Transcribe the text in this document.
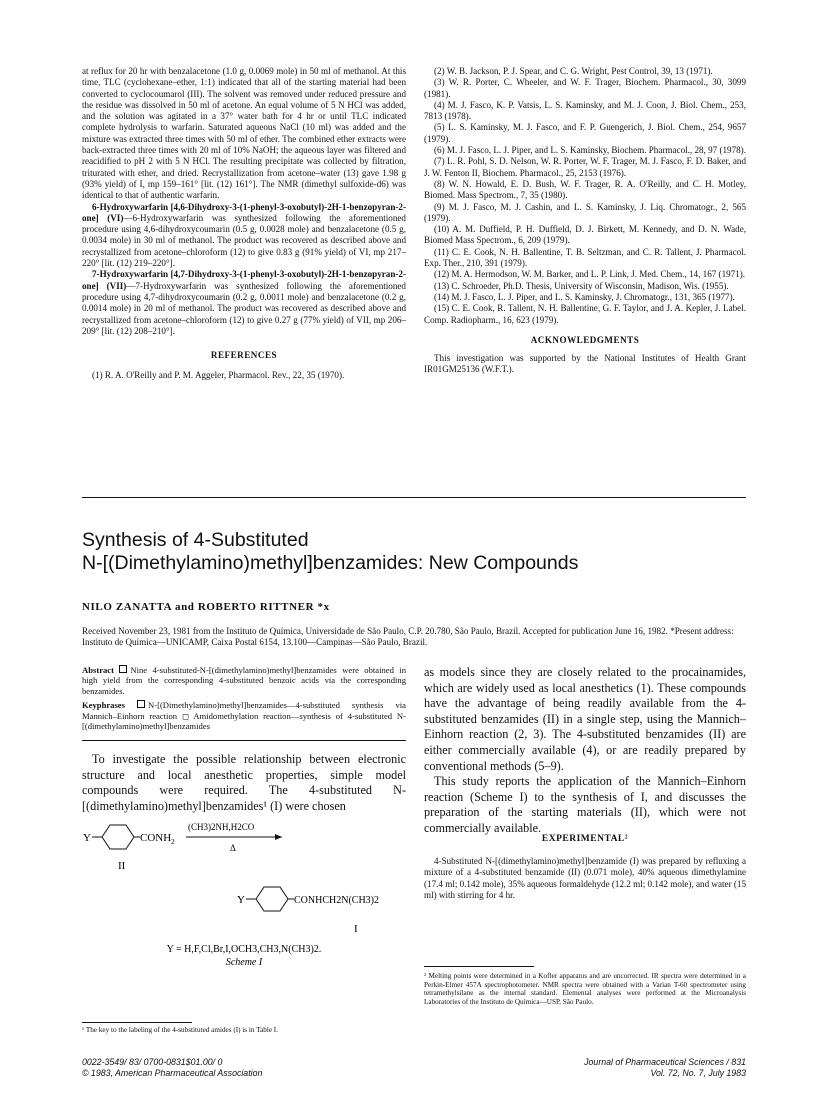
at reflux for 20 hr with benzalacetone (1.0 g, 0.0069 mole) in 50 ml of methanol. At this time, TLC (cyclohexane–ether, 1:1) indicated that all of the starting material had been converted to cyclocoumarol (III). The solvent was removed under reduced pressure and the residue was dissolved in 50 ml of acetone. An equal volume of 5 N HCl was added, and the solution was agitated in a 37° water bath for 4 hr or until TLC indicated complete hydrolysis to warfarin. Saturated aqueous NaCl (10 ml) was added and the mixture was extracted three times with 50 ml of ether. The combined ether extracts were back-extracted three times with 20 ml of 10% NaOH; the aqueous layer was filtered and reacidified to pH 2 with 5 N HCl. The resulting precipitate was collected by filtration, triturated with ether, and dried. Recrystallization from acetone–water (13) gave 1.98 g (93% yield) of I, mp 159–161° [lit. (12) 161°]. The NMR (dimethyl sulfoxide-d6) was identical to that of authentic warfarin.

6-Hydroxywarfarin [4,6-Dihydroxy-3-(1-phenyl-3-oxobutyl)-2H-1-benzopyran-2-one] (VI)—6-Hydroxywarfarin was synthesized following the aforementioned procedure using 4,6-dihydroxycoumarin (0.5 g, 0.0028 mole) and benzalacetone (0.5 g, 0.0034 mole) in 30 ml of methanol. The product was recovered as described above and recrystallized from acetone–chloroform (12) to give 0.83 g (91% yield) of VI, mp 217–220° [lit. (12) 219–220°].

7-Hydroxywarfarin [4,7-Dihydroxy-3-(1-phenyl-3-oxobutyl)-2H-1-benzopyran-2-one] (VII)—7-Hydroxywarfarin was synthesized following the aforementioned procedure using 4,7-dihydroxycoumarin (0.2 g, 0.0011 mole) and benzalacetone (0.2 g, 0.0014 mole) in 20 ml of methanol. The product was recovered as described above and recrystallized from acetone–chloroform (12) to give 0.27 g (77% yield) of VII, mp 206–209° [lit. (12) 208–210°].

REFERENCES

(1) R. A. O'Reilly and P. M. Aggeler, Pharmacol. Rev., 22, 35 (1970).

(2) W. B. Jackson, P. J. Spear, and C. G. Wright, Pest Control, 39, 13 (1971).

(3) W. R. Porter, C. Wheeler, and W. F. Trager, Biochem. Pharmacol., 30, 3099 (1981).

(4) M. J. Fasco, K. P. Vatsis, L. S. Kaminsky, and M. J. Coon, J. Biol. Chem., 253, 7813 (1978).

(5) L. S. Kaminsky, M. J. Fasco, and F. P. Guengerich, J. Biol. Chem., 254, 9657 (1979).

(6) M. J. Fasco, L. J. Piper, and L. S. Kaminsky, Biochem. Pharmacol., 28, 97 (1978).

(7) L. R. Pohl, S. D. Nelson, W. R. Porter, W. F. Trager, M. J. Fasco, F. D. Baker, and J. W. Fenton II, Biochem. Pharmacol., 25, 2153 (1976).

(8) W. N. Howald, E. D. Bush, W. F. Trager, R. A. O'Reilly, and C. H. Motley, Biomed. Mass Spectrom., 7, 35 (1980).

(9) M. J. Fasco, M. J. Cashin, and L. S. Kaminsky, J. Liq. Chromatogr., 2, 565 (1979).

(10) A. M. Duffield, P. H. Duffield, D. J. Birkett, M. Kennedy, and D. N. Wade, Biomed Mass Spectrom., 6, 209 (1979).

(11) C. E. Cook, N. H. Ballentine, T. B. Seltzman, and C. R. Tallent, J. Pharmacol. Exp. Ther., 210, 391 (1979).

(12) M. A. Hermodson, W. M. Barker, and L. P. Link, J. Med. Chem., 14, 167 (1971).

(13) C. Schroeder, Ph.D. Thesis, University of Wisconsin, Madison, Wis. (1955).

(14) M. J. Fasco, L. J. Piper, and L. S. Kaminsky, J. Chromatogr., 131, 365 (1977).

(15) C. E. Cook, R. Tallent, N. H. Ballentine, G. F. Taylor, and J. A. Kepler, J. Label. Comp. Radiopharm., 16, 623 (1979).

ACKNOWLEDGMENTS

This investigation was supported by the National Institutes of Health Grant IR01GM25136 (W.F.T.).

Synthesis of 4-Substituted
N-[(Dimethylamino)methyl]benzamides: New Compounds
NILO ZANATTA and ROBERTO RITTNER *x
Received November 23, 1981 from the Instituto de Química, Universidade de São Paulo, C.P. 20.780, São Paulo, Brazil. Accepted for publication June 16, 1982. *Present address: Instituto de Química—UNICAMP, Caixa Postal 6154, 13.100—Campinas—São Paulo, Brazil.

Abstract Nine 4-substituted-N-[(dimethylamino)methyl]benzamides were obtained in high yield from the corresponding 4-substituted benzoic acids via the corresponding benzamides.

Keyphrases N-[(Dimethylamino)methyl]benzamides—4-substituted synthesis via Mannich–Einhorn reaction ◻ Amidomethylation reaction—synthesis of 4-substituted N-[(dimethylamino)methyl]benzamides

To investigate the possible relationship between electronic structure and local anesthetic properties, simple model compounds were required. The 4-substituted N-[(dimethylamino)methyl]benzamides¹ (I) were chosen

Y	$CONH_2$
(CH3)2NH,H2CO
Δ
II
Y	CONHCH2N(CH3)2
I
Y = H,F,Cl,Br,I,OCH3,CH3,N(CH3)2.
Scheme I
¹ The key to the labeling of the 4-substituted amides (I) is in Table I.

as models since they are closely related to the procainamides, which are widely used as local anesthetics (1). These compounds have the advantage of being readily available from the 4-substituted benzamides (II) in a single step, using the Mannich–Einhorn reaction (2, 3). The 4-substituted benzamides (II) are either commercially available (4), or are readily prepared by conventional methods (5–9).

This study reports the application of the Mannich–Einhorn reaction (Scheme I) to the synthesis of I, and discusses the preparation of the starting materials (II), which were not commercially available.

EXPERIMENTAL²

4-Substituted N-[(dimethylamino)methyl]benzamide (I) was prepared by refluxing a mixture of a 4-substituted benzamide (II) (0.071 mole), 40% aqueous dimethylamine (17.4 ml; 0.142 mole), 35% aqueous formaldehyde (12.2 ml; 0.142 mole), and water (15 ml) with stirring for 4 hr.

² Melting points were determined in a Kofler apparatus and are uncorrected. IR spectra were determined in a Perkin-Elmer 457A spectrophotometer. NMR spectra were obtained with a Varian T-60 spectrometer using tetramethylsilane as the internal standard. Elemental analyses were performed at the Microanalysis Laboratories of the Instituto de Química—USP, São Paulo.
0022-3549/ 83/ 0700-0831$01.00/ 0
© 1983, American Pharmaceutical Association
Journal of Pharmaceutical Sciences / 831
Vol. 72, No. 7, July 1983
